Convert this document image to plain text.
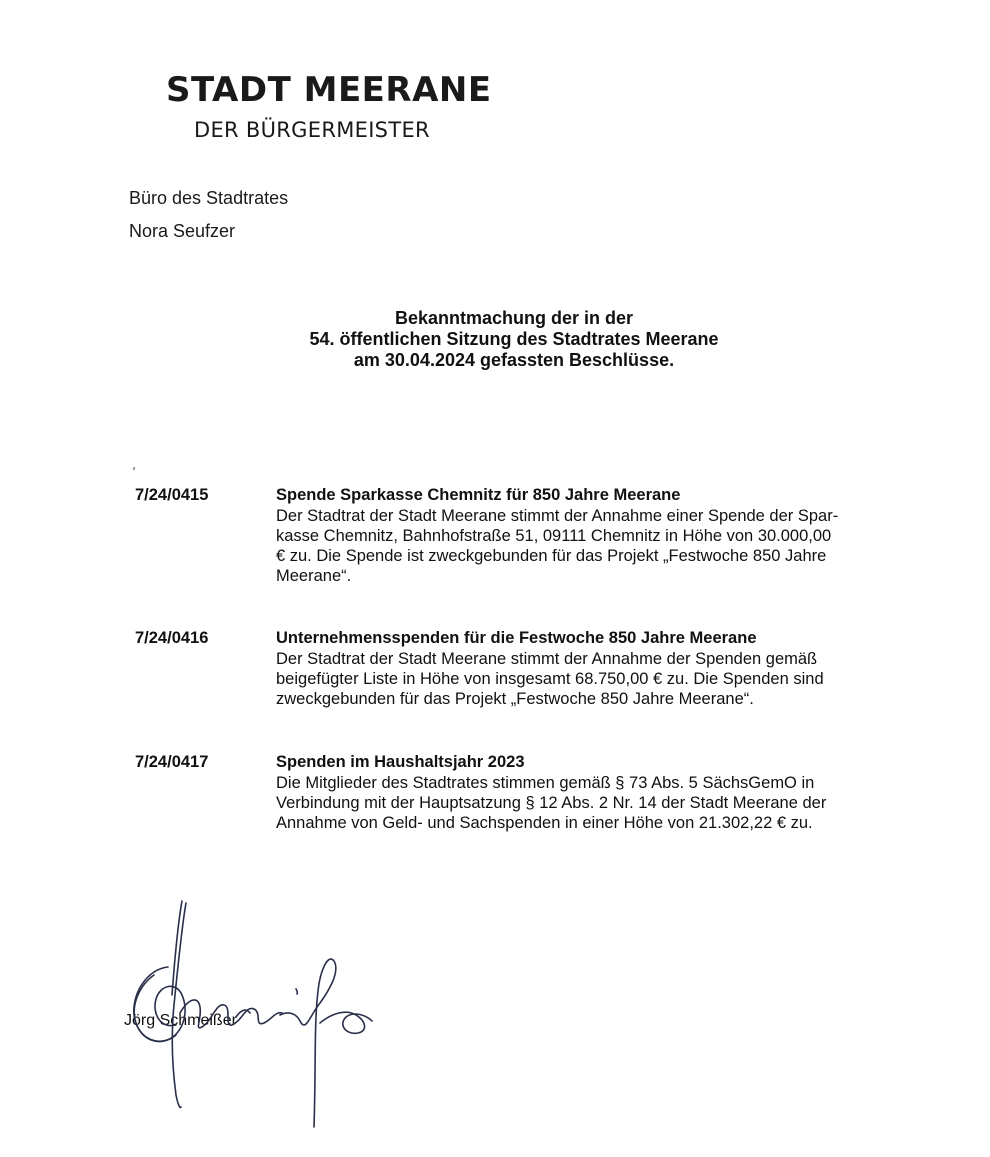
STADT MEERANE
DER BÜRGERMEISTER
Büro des Stadtrates
Nora Seufzer
Bekanntmachung der in der
54. öffentlichen Sitzung des Stadtrates Meerane
am 30.04.2024 gefassten Beschlüsse.
7/24/0415	Spende Sparkasse Chemnitz für 850 Jahre Meerane
Der Stadtrat der Stadt Meerane stimmt der Annahme einer Spende der Spar-
kasse Chemnitz, Bahnhofstraße 51, 09111 Chemnitz in Höhe von 30.000,00
€ zu. Die Spende ist zweckgebunden für das Projekt „Festwoche 850 Jahre
Meerane“.
7/24/0416	Unternehmensspenden für die Festwoche 850 Jahre Meerane
Der Stadtrat der Stadt Meerane stimmt der Annahme der Spenden gemäß
beigefügter Liste in Höhe von insgesamt 68.750,00 € zu. Die Spenden sind
zweckgebunden für das Projekt „Festwoche 850 Jahre Meerane“.
7/24/0417	Spenden im Haushaltsjahr 2023
Die Mitglieder des Stadtrates stimmen gemäß § 73 Abs. 5 SächsGemO in
Verbindung mit der Hauptsatzung § 12 Abs. 2 Nr. 14 der Stadt Meerane der
Annahme von Geld- und Sachspenden in einer Höhe von 21.302,22 € zu.
Jörg Schmeißer
